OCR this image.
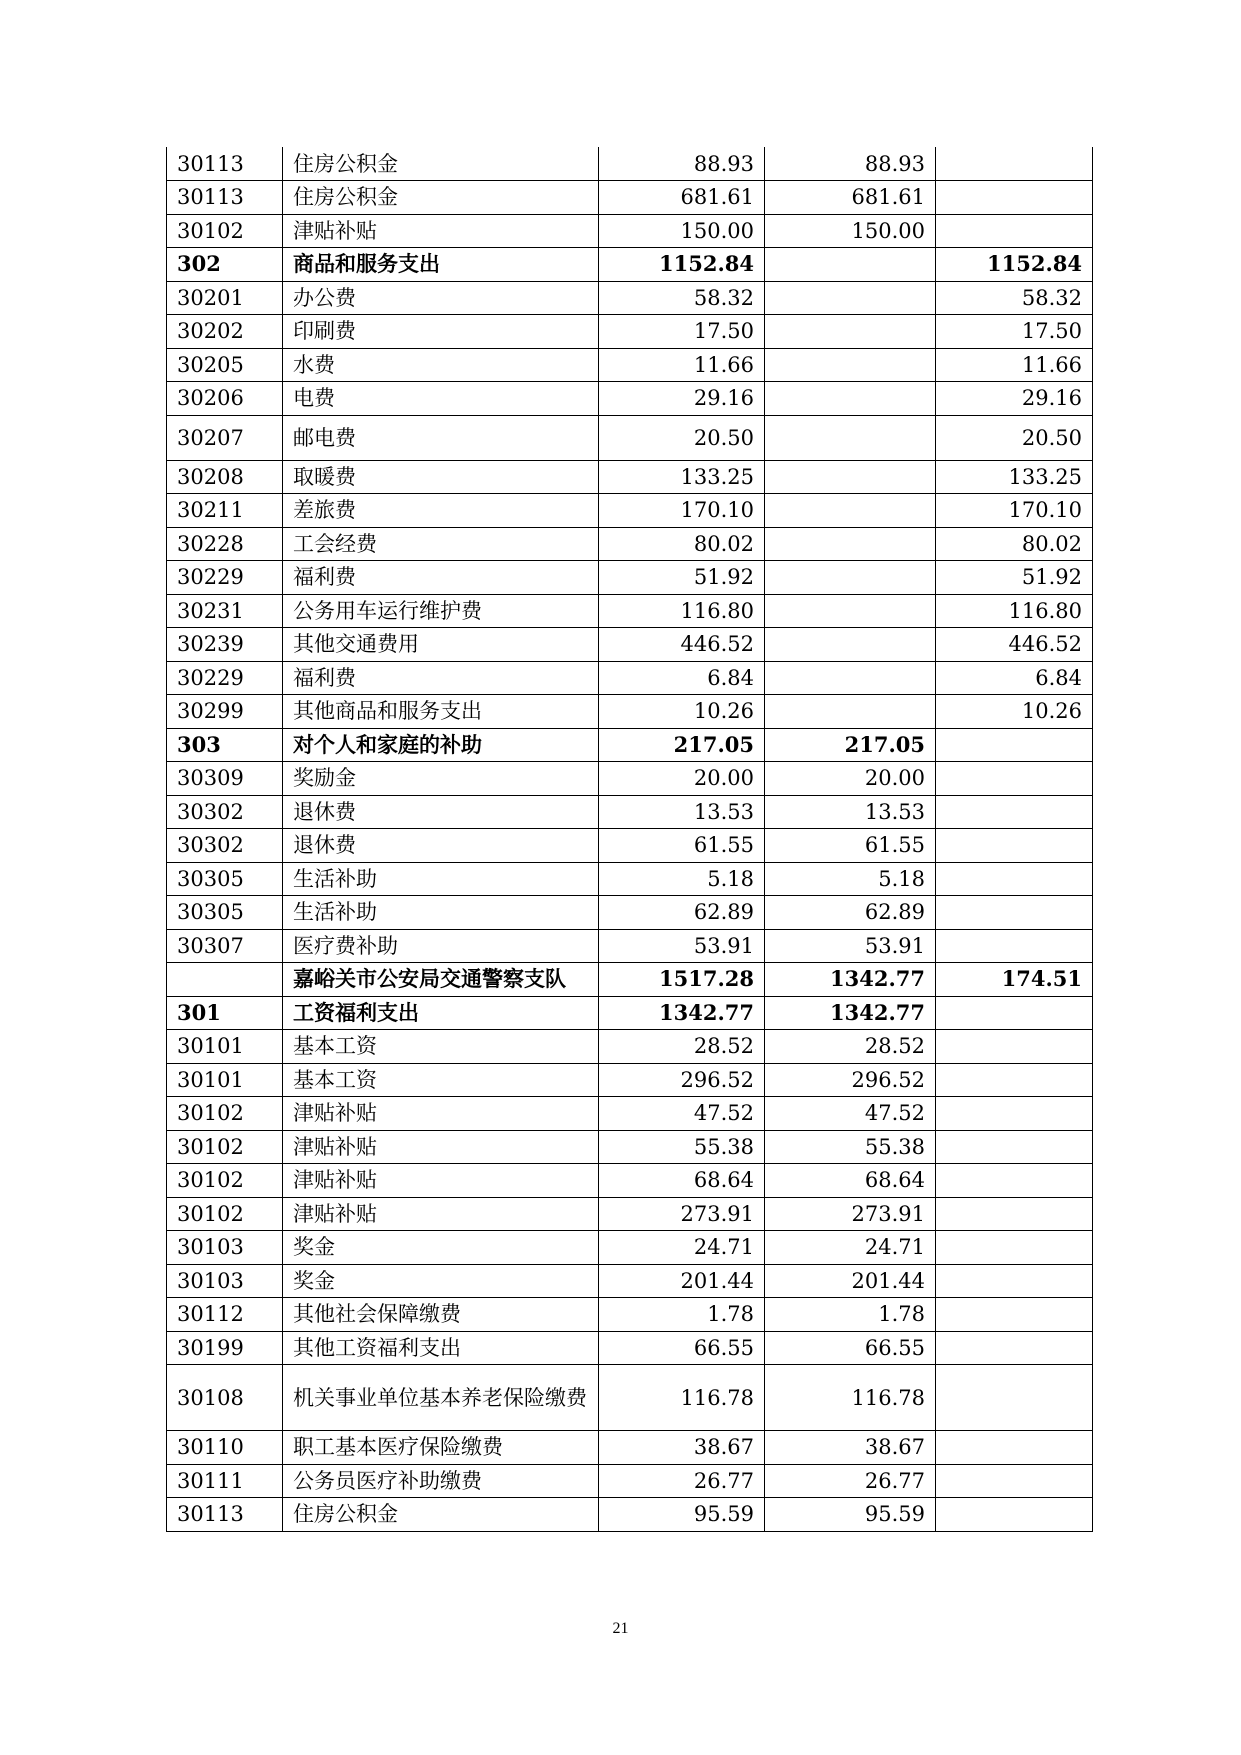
30113	住房公积金	88.93	88.93	
30113	住房公积金	681.61	681.61	
30102	津贴补贴	150.00	150.00	
302	商品和服务支出	1152.84		1152.84
30201	办公费	58.32		58.32
30202	印刷费	17.50		17.50
30205	水费	11.66		11.66
30206	电费	29.16		29.16
30207	邮电费	20.50		20.50
30208	取暖费	133.25		133.25
30211	差旅费	170.10		170.10
30228	工会经费	80.02		80.02
30229	福利费	51.92		51.92
30231	公务用车运行维护费	116.80		116.80
30239	其他交通费用	446.52		446.52
30229	福利费	6.84		6.84
30299	其他商品和服务支出	10.26		10.26
303	对个人和家庭的补助	217.05	217.05	
30309	奖励金	20.00	20.00	
30302	退休费	13.53	13.53	
30302	退休费	61.55	61.55	
30305	生活补助	5.18	5.18	
30305	生活补助	62.89	62.89	
30307	医疗费补助	53.91	53.91	
	嘉峪关市公安局交通警察支队	1517.28	1342.77	174.51
301	工资福利支出	1342.77	1342.77	
30101	基本工资	28.52	28.52	
30101	基本工资	296.52	296.52	
30102	津贴补贴	47.52	47.52	
30102	津贴补贴	55.38	55.38	
30102	津贴补贴	68.64	68.64	
30102	津贴补贴	273.91	273.91	
30103	奖金	24.71	24.71	
30103	奖金	201.44	201.44	
30112	其他社会保障缴费	1.78	1.78	
30199	其他工资福利支出	66.55	66.55	
30108	机关事业单位基本养老保险缴费	116.78	116.78	
30110	职工基本医疗保险缴费	38.67	38.67	
30111	公务员医疗补助缴费	26.77	26.77	
30113	住房公积金	95.59	95.59	
21
